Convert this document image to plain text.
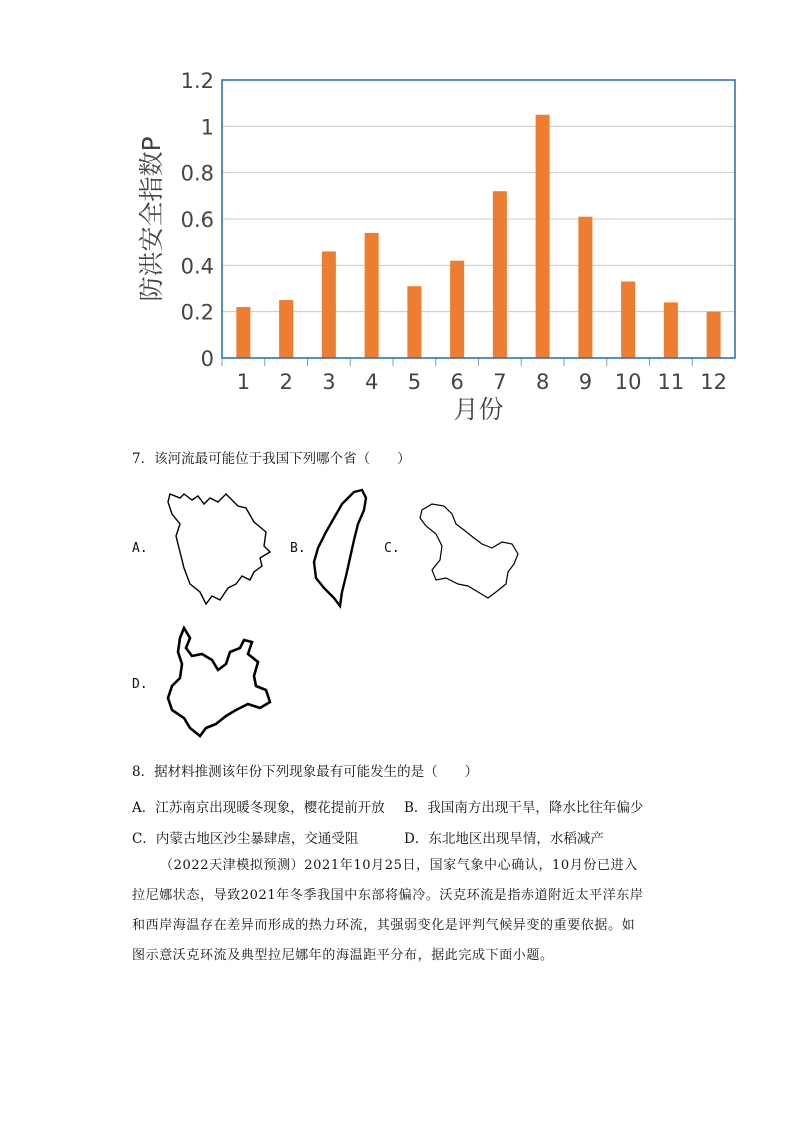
0
0.2
0.4
0.6
0.8
1
1.2
1 2 3 4 5 6 7 8 9 10 11 12
防洪安全指数P
月份
7．该河流最可能位于我国下列哪个省（　　）
A.	B.	C.
D.
8．据材料推测该年份下列现象最有可能发生的是（　　）
A．江苏南京出现暖冬现象，樱花提前开放 B．我国南方出现干旱，降水比往年偏少
C．内蒙古地区沙尘暴肆虐，交通受阻	D．东北地区出现旱情，水稻减产

（2022天津模拟预测）2021年10月25日，国家气象中心确认，10月份已进入

拉尼娜状态，导致2021年冬季我国中东部将偏冷。沃克环流是指赤道附近太平洋东岸

和西岸海温存在差异而形成的热力环流，其强弱变化是评判气候异变的重要依据。如

图示意沃克环流及典型拉尼娜年的海温距平分布，据此完成下面小题。
